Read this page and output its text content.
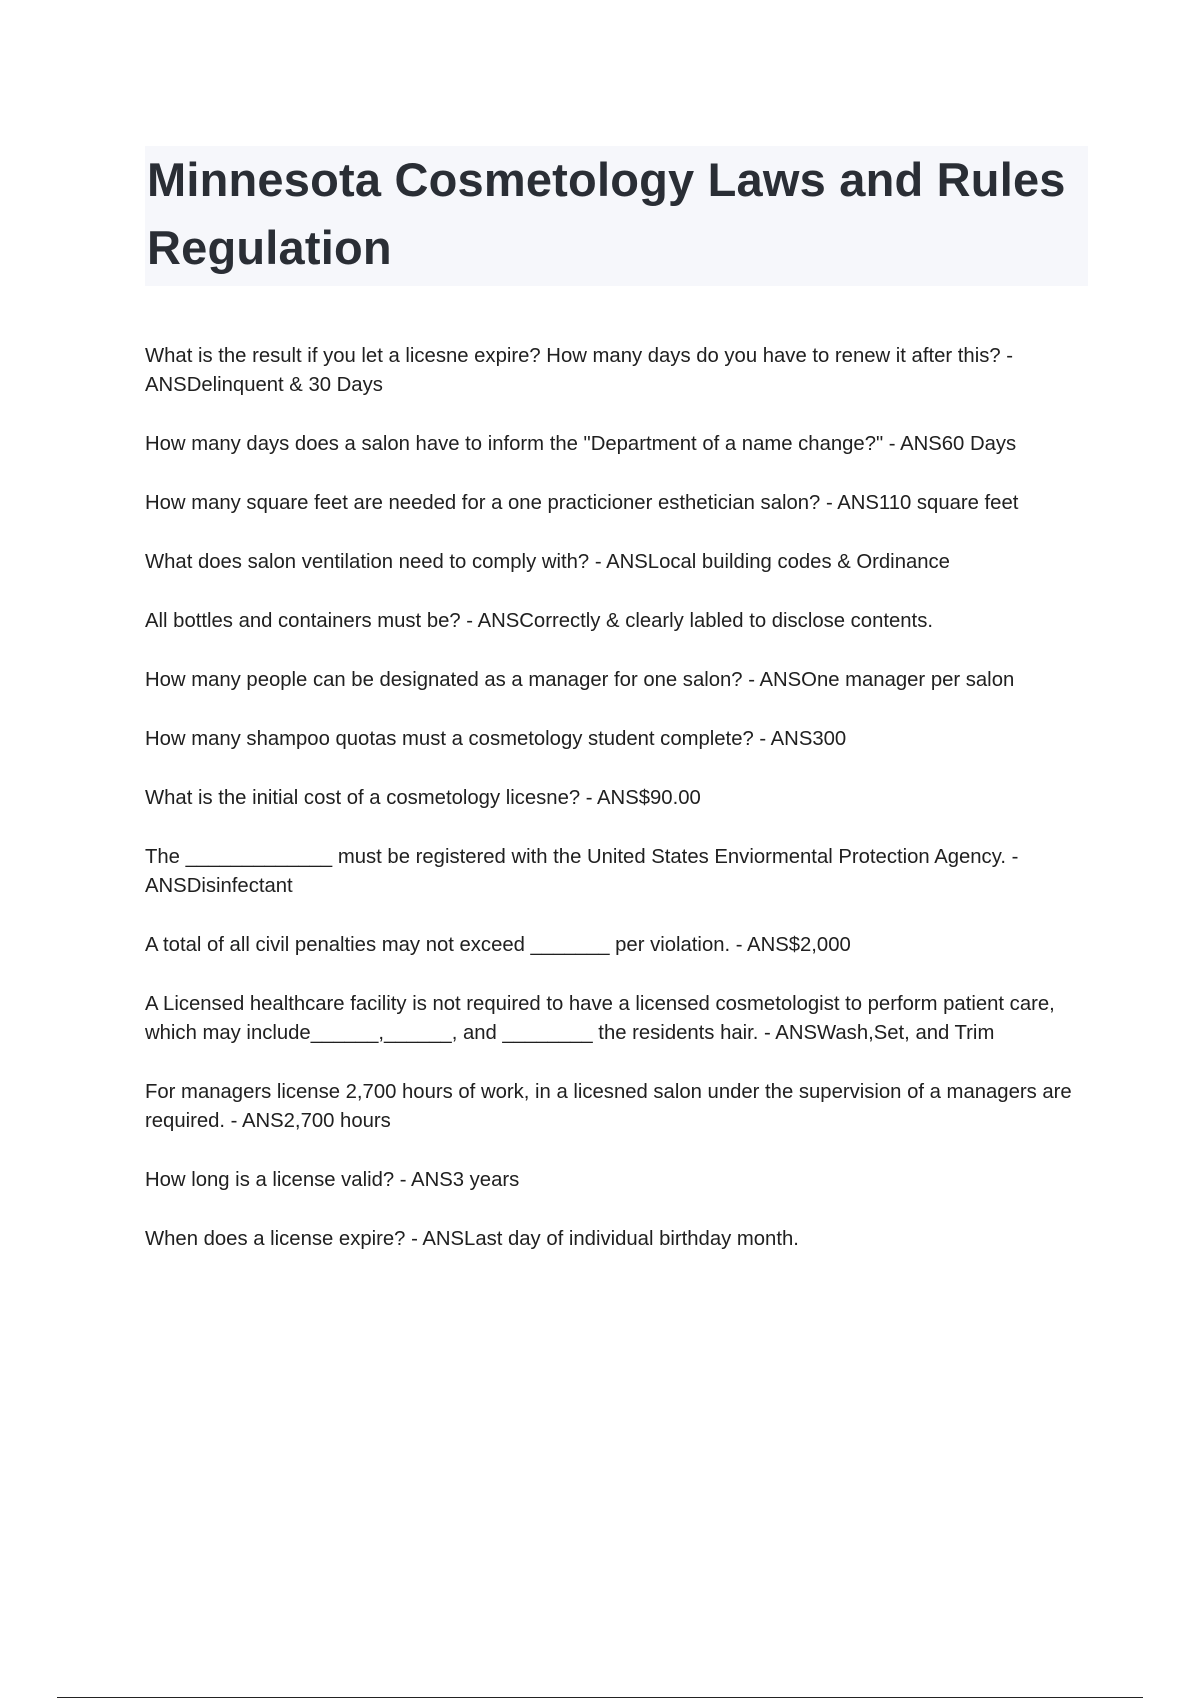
Minnesota Cosmetology Laws and Rules Regulation
What is the result if you let a licesne expire? How many days do you have to renew it after this? - ANSDelinquent & 30 Days
How many days does a salon have to inform the "Department of a name change?" - ANS60 Days
How many square feet are needed for a one practicioner esthetician salon? - ANS110 square feet
What does salon ventilation need to comply with? - ANSLocal building codes & Ordinance
All bottles and containers must be? - ANSCorrectly & clearly labled to disclose contents.
How many people can be designated as a manager for one salon? - ANSOne manager per salon
How many shampoo quotas must a cosmetology student complete? - ANS300
What is the initial cost of a cosmetology licesne? - ANS$90.00
The _____________ must be registered with the United States Enviormental Protection Agency. - ANSDisinfectant
A total of all civil penalties may not exceed _______ per violation. - ANS$2,000
A Licensed healthcare facility is not required to have a licensed cosmetologist to perform patient care, which may include______,______, and ________ the residents hair. - ANSWash,Set, and Trim
For managers license 2,700 hours of work, in a licesned salon under the supervision of a managers are required. - ANS2,700 hours
How long is a license valid? - ANS3 years
When does a license expire? - ANSLast day of individual birthday month.
